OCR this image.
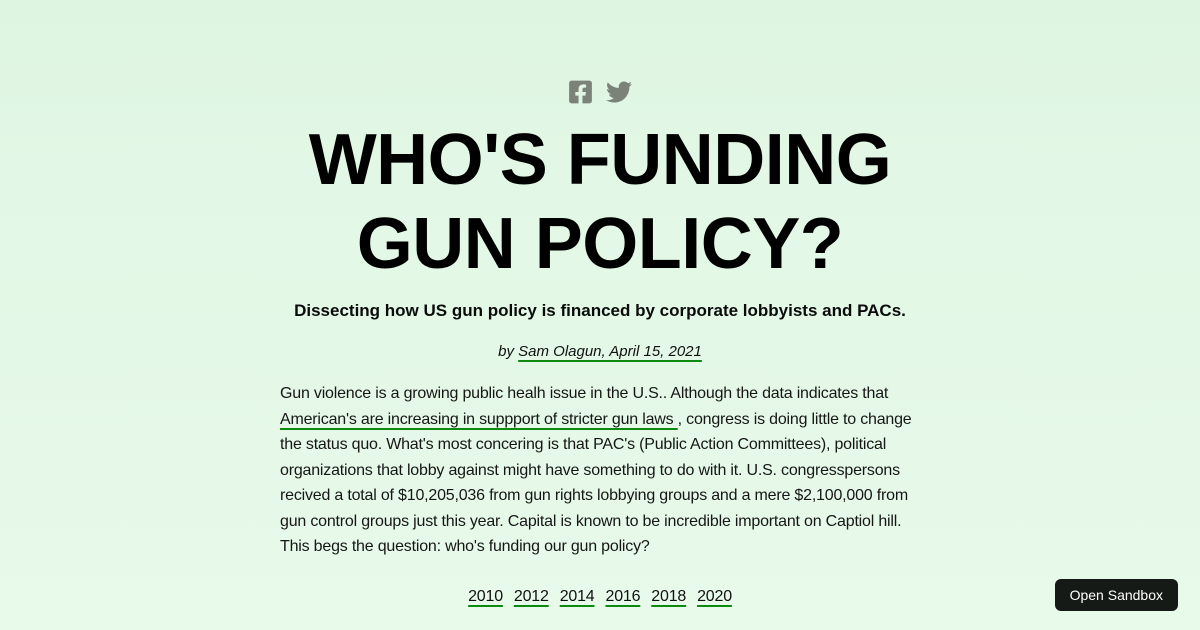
WHO'S FUNDING
GUN POLICY?
Dissecting how US gun policy is financed by corporate lobbyists and PACs.
by Sam Olagun, April 15, 2021

Gun violence is a growing public healh issue in the U.S.. Although the data indicates that American's are increasing in suppport of stricter gun laws , congress is doing little to change the status quo. What's most concering is that PAC's (Public Action Committees), political organizations that lobby against might have something to do with it. U.S. congresspersons recived a total of $10,205,036 from gun rights lobbying groups and a mere $2,100,000 from gun control groups just this year. Capital is known to be incredible important on Captiol hill. This begs the question: who's funding our gun policy?

2010 2012 2014 2016 2018 2020	Open Sandbox
